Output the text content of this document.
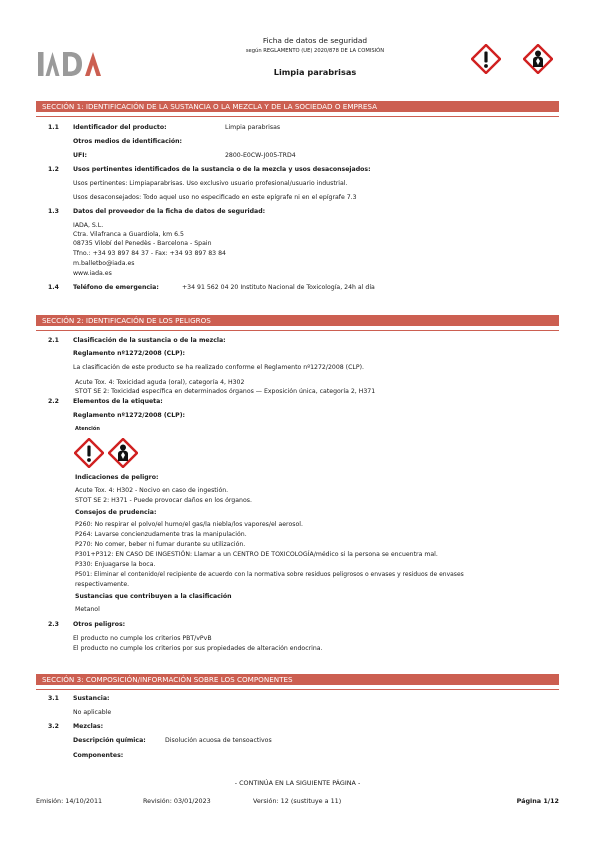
Ficha de datos de seguridad
según REGLAMENTO (UE) 2020/878 DE LA COMISIÓN
Limpia parabrisas
SECCIÓN 1: IDENTIFICACIÓN DE LA SUSTANCIA O LA MEZCLA Y DE LA SOCIEDAD O EMPRESA
1.1 Identificador del producto:	Limpia parabrisas
Otros medios de identificación:
UFI:	2800-E0CW-J005-TRD4
1.2 Usos pertinentes identificados de la sustancia o de la mezcla y usos desaconsejados:
Usos pertinentes: Limpiaparabrisas. Uso exclusivo usuario profesional/usuario industrial.
Usos desaconsejados: Todo aquel uso no especificado en este epígrafe ni en el epígrafe 7.3
1.3 Datos del proveedor de la ficha de datos de seguridad:
IADA, S.L.
Ctra. Vilafranca a Guardiola, km 6.5
08735 Vilobí del Penedès - Barcelona - Spain
Tfno.: +34 93 897 84 37 - Fax: +34 93 897 83 84
m.balletbo@iada.es
www.iada.es
1.4 Teléfono de emergencia:	+34 91 562 04 20 Instituto Nacional de Toxicología, 24h al día
SECCIÓN 2: IDENTIFICACIÓN DE LOS PELIGROS
2.1 Clasificación de la sustancia o de la mezcla:
Reglamento nº1272/2008 (CLP):
La clasificación de este producto se ha realizado conforme el Reglamento nº1272/2008 (CLP).
Acute Tox. 4: Toxicidad aguda (oral), categoría 4, H302
STOT SE 2: Toxicidad específica en determinados órganos — Exposición única, categoría 2, H371
2.2 Elementos de la etiqueta:
Reglamento nº1272/2008 (CLP):
Atención
Indicaciones de peligro:
Acute Tox. 4: H302 - Nocivo en caso de ingestión.
STOT SE 2: H371 - Puede provocar daños en los órganos.
Consejos de prudencia:
P260: No respirar el polvo/el humo/el gas/la niebla/los vapores/el aerosol.
P264: Lavarse concienzudamente tras la manipulación.
P270: No comer, beber ni fumar durante su utilización.
P301+P312: EN CASO DE INGESTIÓN: Llamar a un CENTRO DE TOXICOLOGÍA/médico si la persona se encuentra mal.
P330: Enjuagarse la boca.
P501: Eliminar el contenido/el recipiente de acuerdo con la normativa sobre residuos peligrosos o envases y residuos de envases
respectivamente.
Sustancias que contribuyen a la clasificación
Metanol
2.3 Otros peligros:
El producto no cumple los criterios PBT/vPvB
El producto no cumple los criterios por sus propiedades de alteración endocrina.
SECCIÓN 3: COMPOSICIÓN/INFORMACIÓN SOBRE LOS COMPONENTES
3.1 Sustancia:
No aplicable
3.2 Mezclas:
Descripción química:	Disolución acuosa de tensoactivos
Componentes:
- CONTINÚA EN LA SIGUIENTE PÁGINA -
Emisión: 14/10/2011	Revisión: 03/01/2023	Versión: 12 (sustituye a 11)	Página 1/12
